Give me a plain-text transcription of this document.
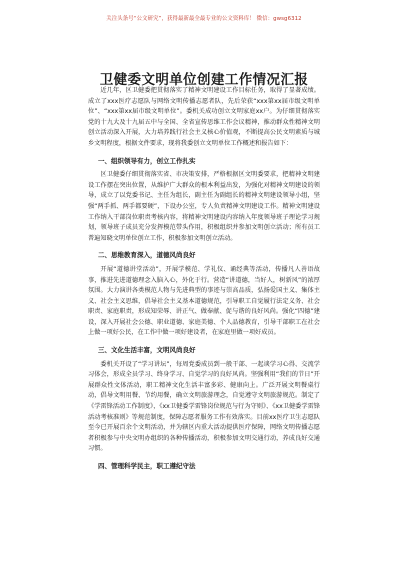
关注头条号“公文研究”，获得最新最全最专业的公文资料库！ 微信：gwsg6312
卫健委文明单位创建工作情况汇报

近几年，区卫健委把贯彻落实了精神文明建设工作目标任务，取得了显著成绩。成立了xxx医疗志愿队与网络文明传播志愿者队，先后荣获“xxx第xx届市级文明单位”、“xxx第xx届市级文明单位”。委机关成功创立文明家庭xx户。为仔细贯彻落实党的十九大及十九届五中与全国、全省宣传思维工作会议精神，推动群众性精神文明创立活动深入开展，大力培养践行社会主义核心价值观，不断提高公民文明素质与城乡文明程度，根据文件要求，现将我委创立文明单位工作概述和报告如下：

一、组织领导有力，创立工作扎实

区卫健委仔细贯彻落实省、市决策安排，严格根据区文明委要求，把精神文明建设工作摆在突出位置，从维护广大群众的根本利益出发，为强化对精神文明建设的领导，成立了以党委书记、主任为组长，副主任为副组长的精神文明建设领导小组，坚强“两手抓、两手都要硬”，下设办公室，专人负责精神文明建设工作。精神文明建设工作纳入干部岗位职责考核内容，将精神文明建设内容纳入年度领导班子理论学习规划，领导班子成员充分发挥模范带头作用，积极组织并参加文明创立活动；所有员工普遍知晓文明单位创立工作，积极参加文明创立活动。

二、思维教育深入，道德风尚良好

开展“道德讲堂活动”，开展学模范、学礼仪、诵经典等活动，传播凡人善语故事，推进先进道德理念入脑入心，外化于行。营造“讲道德，当好人，树新风”的浓厚氛围。大力演讲各类模范人物与先进典型的事迹与崇高品质，弘扬爱国主义、集体主义、社会主义思维，倡导社会主义基本道德规范，引导职工自觉履行法定义务、社会职责、家庭职责，形成知荣辱、讲正气、做奉献、促与谐的良好风尚。强化“四德”建设，深入开展社会公德、职业道德、家庭美德、个人品德教育，引导干部职工在社会上做一项好公民，在工作中做一项好建设者，在家庭里做一项好成员。

三、文化生活丰富，文明风尚良好

委机关开设了“学习讲坛”，每周党委成员到一般干部、一起谈学习心得、交流学习体会，形成全员学习、终身学习、自觉学习的良好风尚。坚强利用“我们的节日”开展群众性文体活动，职工精神文化生活丰富多彩、健康向上。广泛开展文明餐桌行动，倡导文明用餐、节约用餐，确立文明旅游理念，自觉遵守文明旅游规范。制定了《学雷锋活动工作制度》，《xx卫健委学雷锋岗位规范与行为守则》、《xx卫健委学雷锋活动考核准则》等规范制度，保障志愿者服务工作有效落实。目前xx医疗卫生志愿队至今已开展百余个文明活动，并为辖区内重大活动提供医疗保障，网络文明传播志愿者积极参与中央文明办组织的各种传播活动，积极参加文明交通行动，养成良好交通习惯。

四、管理科学民主，职工遵纪守法
